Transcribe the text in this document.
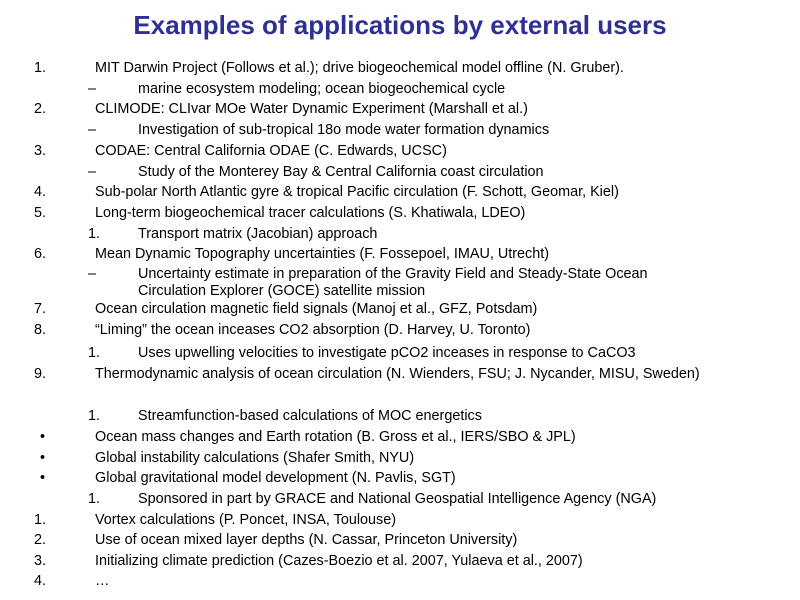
Examples of applications by external users
1.	MIT Darwin Project (Follows et al.); drive biogeochemical model offline (N. Gruber).
–	marine ecosystem modeling; ocean biogeochemical cycle
2.	CLIMODE: CLIvar MOe Water Dynamic Experiment (Marshall et al.)
–	Investigation of sub-tropical 18o mode water formation dynamics
3.	CODAE: Central California ODAE (C. Edwards, UCSC)
–	Study of the Monterey Bay & Central California coast circulation
4.	Sub-polar North Atlantic gyre & tropical Pacific circulation (F. Schott, Geomar, Kiel)
5.	Long-term biogeochemical tracer calculations (S. Khatiwala, LDEO)
1.	Transport matrix (Jacobian) approach
6.	Mean Dynamic Topography uncertainties (F. Fossepoel, IMAU, Utrecht)
–	Uncertainty estimate in preparation of the Gravity Field and Steady-State Ocean Circulation Explorer (GOCE) satellite mission
7.	Ocean circulation magnetic field signals (Manoj et al., GFZ, Potsdam)
8.	“Liming” the ocean inceases CO2 absorption (D. Harvey, U. Toronto)
1.	Uses upwelling velocities to investigate pCO2 inceases in response to CaCO3
9.	Thermodynamic analysis of ocean circulation (N. Wienders, FSU; J. Nycander, MISU, Sweden)
1.	Streamfunction-based calculations of MOC energetics
•	Ocean mass changes and Earth rotation (B. Gross et al., IERS/SBO & JPL)
•	Global instability calculations (Shafer Smith, NYU)
•	Global gravitational model development (N. Pavlis, SGT)
1.	Sponsored in part by GRACE and National Geospatial Intelligence Agency (NGA)
1.	Vortex calculations (P. Poncet, INSA, Toulouse)
2.	Use of ocean mixed layer depths (N. Cassar, Princeton University)
3.	Initializing climate prediction (Cazes-Boezio et al. 2007, Yulaeva et al., 2007)
4.	…
